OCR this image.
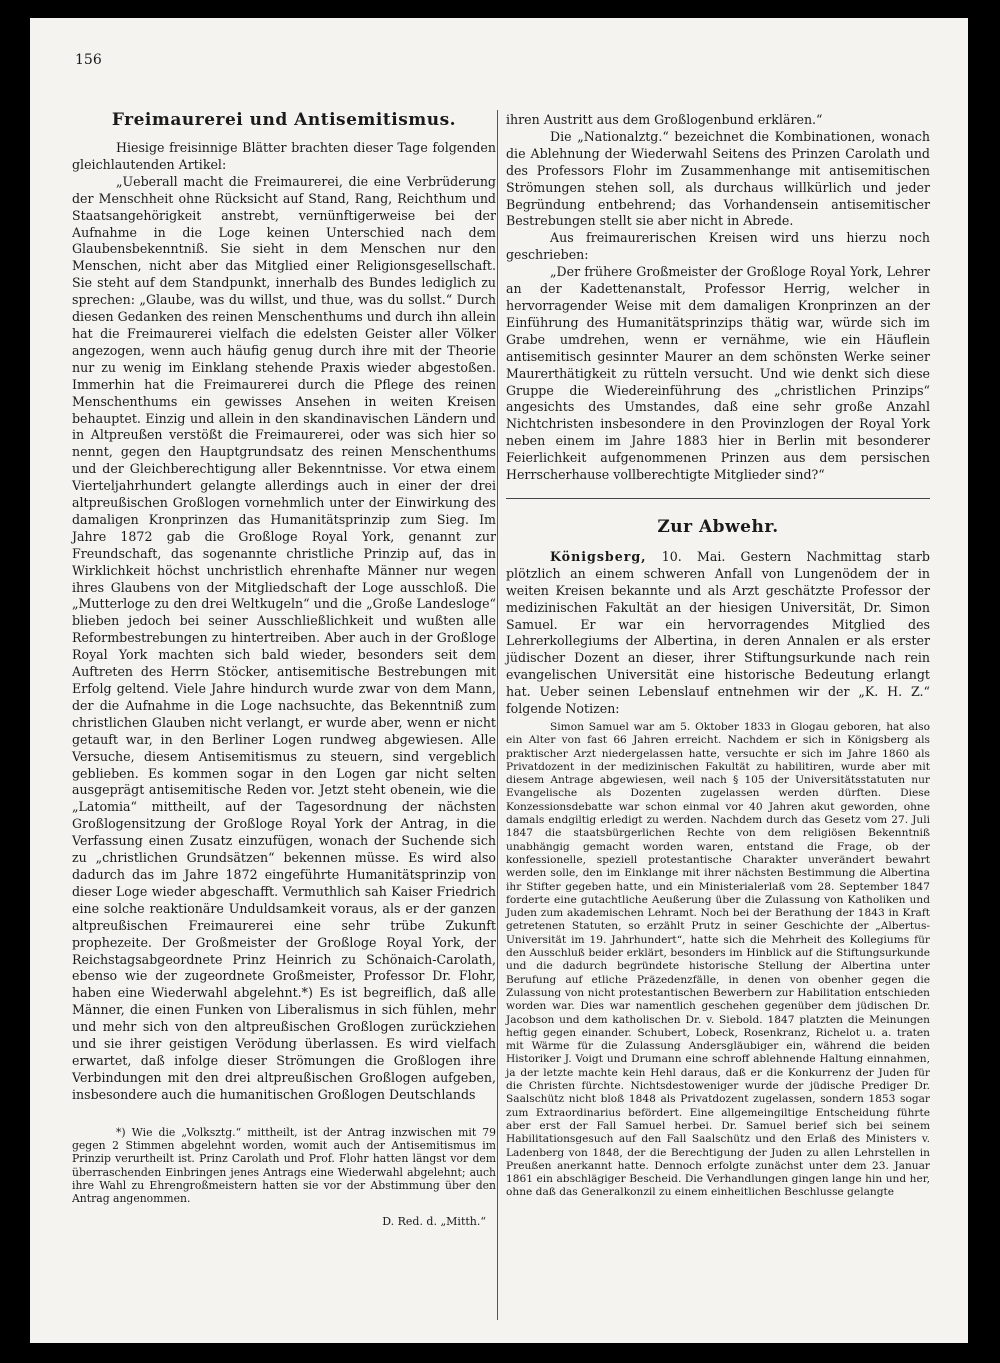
156
Freimaurerei und Antisemitismus.

Hiesige freisinnige Blätter brachten dieser Tage folgenden gleichlautenden Artikel:

„Ueberall macht die Freimaurerei, die eine Verbrüderung der Menschheit ohne Rücksicht auf Stand, Rang, Reichthum und Staatsangehörigkeit anstrebt, vernünftigerweise bei der Aufnahme in die Loge keinen Unterschied nach dem Glaubensbekenntniß. Sie sieht in dem Menschen nur den Menschen, nicht aber das Mitglied einer Religionsgesellschaft. Sie steht auf dem Standpunkt, innerhalb des Bundes lediglich zu sprechen: „Glaube, was du willst, und thue, was du sollst.“ Durch diesen Gedanken des reinen Menschenthums und durch ihn allein hat die Freimaurerei vielfach die edelsten Geister aller Völker angezogen, wenn auch häufig genug durch ihre mit der Theorie nur zu wenig im Einklang stehende Praxis wieder abgestoßen. Immerhin hat die Freimaurerei durch die Pflege des reinen Menschenthums ein gewisses Ansehen in weiten Kreisen behauptet. Einzig und allein in den skandinavischen Ländern und in Altpreußen verstößt die Freimaurerei, oder was sich hier so nennt, gegen den Hauptgrundsatz des reinen Menschenthums und der Gleichberechtigung aller Bekenntnisse. Vor etwa einem Vierteljahrhundert gelangte allerdings auch in einer der drei altpreußischen Großlogen vornehmlich unter der Einwirkung des damaligen Kronprinzen das Humanitätsprinzip zum Sieg. Im Jahre 1872 gab die Großloge Royal York, genannt zur Freundschaft, das sogenannte christliche Prinzip auf, das in Wirklichkeit höchst unchristlich ehrenhafte Männer nur wegen ihres Glaubens von der Mitgliedschaft der Loge ausschloß. Die „Mutterloge zu den drei Weltkugeln“ und die „Große Landesloge“ blieben jedoch bei seiner Ausschließlichkeit und wußten alle Reformbestrebungen zu hintertreiben. Aber auch in der Großloge Royal York machten sich bald wieder, besonders seit dem Auftreten des Herrn Stöcker, antisemitische Bestrebungen mit Erfolg geltend. Viele Jahre hindurch wurde zwar von dem Mann, der die Aufnahme in die Loge nachsuchte, das Bekenntniß zum christlichen Glauben nicht verlangt, er wurde aber, wenn er nicht getauft war, in den Berliner Logen rundweg abgewiesen. Alle Versuche, diesem Antisemitismus zu steuern, sind vergeblich geblieben. Es kommen sogar in den Logen gar nicht selten ausgeprägt antisemitische Reden vor. Jetzt steht obenein, wie die „Latomia“ mittheilt, auf der Tagesordnung der nächsten Großlogensitzung der Großloge Royal York der Antrag, in die Verfassung einen Zusatz einzufügen, wonach der Suchende sich zu „christlichen Grundsätzen“ bekennen müsse. Es wird also dadurch das im Jahre 1872 eingeführte Humanitätsprinzip von dieser Loge wieder abgeschafft. Vermuthlich sah Kaiser Friedrich eine solche reaktionäre Unduldsamkeit voraus, als er der ganzen altpreußischen Freimaurerei eine sehr trübe Zukunft prophezeite. Der Großmeister der Großloge Royal York, der Reichstagsabgeordnete Prinz Heinrich zu Schönaich-Carolath, ebenso wie der zugeordnete Großmeister, Professor Dr. Flohr, haben eine Wiederwahl abgelehnt.*) Es ist begreiflich, daß alle Männer, die einen Funken von Liberalismus in sich fühlen, mehr und mehr sich von den altpreußischen Großlogen zurückziehen und sie ihrer geistigen Verödung überlassen. Es wird vielfach erwartet, daß infolge dieser Strömungen die Großlogen ihre Verbindungen mit den drei altpreußischen Großlogen aufgeben, insbesondere auch die humanitischen Großlogen Deutschlands

*) Wie die „Volksztg.“ mittheilt, ist der Antrag inzwischen mit 79 gegen 2 Stimmen abgelehnt worden, womit auch der Antisemitismus im Prinzip verurtheilt ist. Prinz Carolath und Prof. Flohr hatten längst vor dem überraschenden Einbringen jenes Antrags eine Wiederwahl abgelehnt; auch ihre Wahl zu Ehrengroßmeistern hatten sie vor der Abstimmung über den Antrag angenommen.

D. Red. d. „Mitth.“

ihren Austritt aus dem Großlogenbund erklären.“

Die „Nationalztg.“ bezeichnet die Kombinationen, wonach die Ablehnung der Wiederwahl Seitens des Prinzen Carolath und des Professors Flohr im Zusammenhange mit antisemitischen Strömungen stehen soll, als durchaus willkürlich und jeder Begründung entbehrend; das Vorhandensein antisemitischer Bestrebungen stellt sie aber nicht in Abrede.

Aus freimaurerischen Kreisen wird uns hierzu noch geschrieben:

„Der frühere Großmeister der Großloge Royal York, Lehrer an der Kadettenanstalt, Professor Herrig, welcher in hervorragender Weise mit dem damaligen Kronprinzen an der Einführung des Humanitätsprinzips thätig war, würde sich im Grabe umdrehen, wenn er vernähme, wie ein Häuflein antisemitisch gesinnter Maurer an dem schönsten Werke seiner Maurerthätigkeit zu rütteln versucht. Und wie denkt sich diese Gruppe die Wiedereinführung des „christlichen Prinzips“ angesichts des Umstandes, daß eine sehr große Anzahl Nichtchristen insbesondere in den Provinzlogen der Royal York neben einem im Jahre 1883 hier in Berlin mit besonderer Feierlichkeit aufgenommenen Prinzen aus dem persischen Herrscherhause vollberechtigte Mitglieder sind?“

Zur Abwehr.

Königsberg, 10. Mai. Gestern Nachmittag starb plötzlich an einem schweren Anfall von Lungenödem der in weiten Kreisen bekannte und als Arzt geschätzte Professor der medizinischen Fakultät an der hiesigen Universität, Dr. Simon Samuel. Er war ein hervorragendes Mitglied des Lehrerkollegiums der Albertina, in deren Annalen er als erster jüdischer Dozent an dieser, ihrer Stiftungsurkunde nach rein evangelischen Universität eine historische Bedeutung erlangt hat. Ueber seinen Lebenslauf entnehmen wir der „K. H. Z.“ folgende Notizen:

Simon Samuel war am 5. Oktober 1833 in Glogau geboren, hat also ein Alter von fast 66 Jahren erreicht. Nachdem er sich in Königsberg als praktischer Arzt niedergelassen hatte, versuchte er sich im Jahre 1860 als Privatdozent in der medizinischen Fakultät zu habilitiren, wurde aber mit diesem Antrage abgewiesen, weil nach § 105 der Universitätsstatuten nur Evangelische als Dozenten zugelassen werden dürften. Diese Konzessionsdebatte war schon einmal vor 40 Jahren akut geworden, ohne damals endgiltig erledigt zu werden. Nachdem durch das Gesetz vom 27. Juli 1847 die staatsbürgerlichen Rechte von dem religiösen Bekenntniß unabhängig gemacht worden waren, entstand die Frage, ob der konfessionelle, speziell protestantische Charakter unverändert bewahrt werden solle, den im Einklange mit ihrer nächsten Bestimmung die Albertina ihr Stifter gegeben hatte, und ein Ministerialerlaß vom 28. September 1847 forderte eine gutachtliche Aeußerung über die Zulassung von Katholiken und Juden zum akademischen Lehramt. Noch bei der Berathung der 1843 in Kraft getretenen Statuten, so erzählt Prutz in seiner Geschichte der „Albertus-Universität im 19. Jahrhundert“, hatte sich die Mehrheit des Kollegiums für den Ausschluß beider erklärt, besonders im Hinblick auf die Stiftungsurkunde und die dadurch begründete historische Stellung der Albertina unter Berufung auf etliche Präzedenzfälle, in denen von obenher gegen die Zulassung von nicht protestantischen Bewerbern zur Habilitation entschieden worden war. Dies war namentlich geschehen gegenüber dem jüdischen Dr. Jacobson und dem katholischen Dr. v. Siebold. 1847 platzten die Meinungen heftig gegen einander. Schubert, Lobeck, Rosenkranz, Richelot u. a. traten mit Wärme für die Zulassung Andersgläubiger ein, während die beiden Historiker J. Voigt und Drumann eine schroff ablehnende Haltung einnahmen, ja der letzte machte kein Hehl daraus, daß er die Konkurrenz der Juden für die Christen fürchte. Nichtsdestoweniger wurde der jüdische Prediger Dr. Saalschütz nicht bloß 1848 als Privatdozent zugelassen, sondern 1853 sogar zum Extraordinarius befördert. Eine allgemeingiltige Entscheidung führte aber erst der Fall Samuel herbei. Dr. Samuel berief sich bei seinem Habilitationsgesuch auf den Fall Saalschütz und den Erlaß des Ministers v. Ladenberg von 1848, der die Berechtigung der Juden zu allen Lehrstellen in Preußen anerkannt hatte. Dennoch erfolgte zunächst unter dem 23. Januar 1861 ein abschlägiger Bescheid. Die Verhandlungen gingen lange hin und her, ohne daß das Generalkonzil zu einem einheitlichen Beschlusse gelangte
